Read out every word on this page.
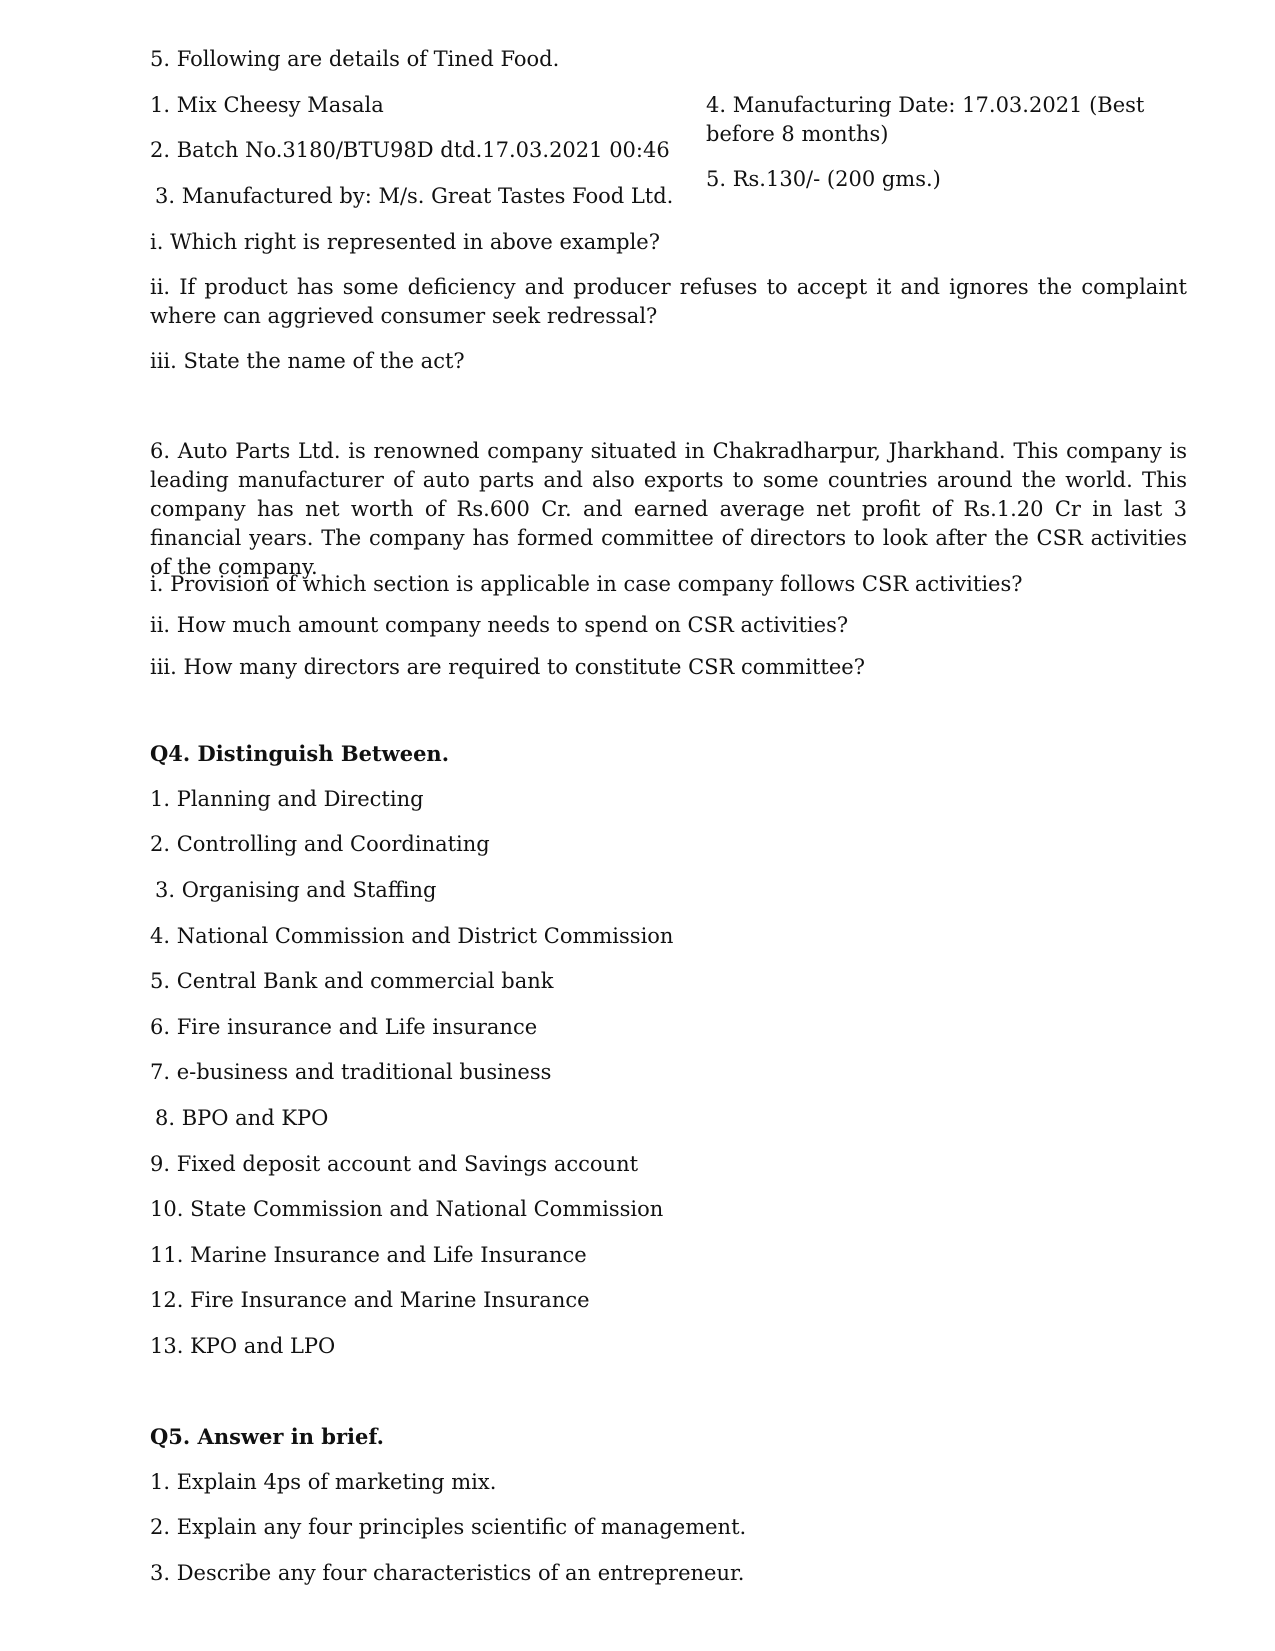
5. Following are details of Tined Food.
1. Mix Cheesy Masala
2. Batch No.3180/BTU98D dtd.17.03.2021 00:46
3. Manufactured by: M/s. Great Tastes Food Ltd.
4. Manufacturing Date: 17.03.2021 (Best before 8 months)
5. Rs.130/- (200 gms.)
i. Which right is represented in above example?
ii. If product has some deficiency and producer refuses to accept it and ignores the complaint where can aggrieved consumer seek redressal?
iii. State the name of the act?
6. Auto Parts Ltd. is renowned company situated in Chakradharpur, Jharkhand. This company is leading manufacturer of auto parts and also exports to some countries around the world. This company has net worth of Rs.600 Cr. and earned average net profit of Rs.1.20 Cr in last 3 financial years. The company has formed committee of directors to look after the CSR activities of the company.
i. Provision of which section is applicable in case company follows CSR activities?
ii. How much amount company needs to spend on CSR activities?
iii. How many directors are required to constitute CSR committee?
Q4. Distinguish Between.
1. Planning and Directing
2. Controlling and Coordinating
3. Organising and Staffing
4. National Commission and District Commission
5. Central Bank and commercial bank
6. Fire insurance and Life insurance
7. e-business and traditional business
8. BPO and KPO
9. Fixed deposit account and Savings account
10. State Commission and National Commission
11. Marine Insurance and Life Insurance
12. Fire Insurance and Marine Insurance
13. KPO and LPO
Q5. Answer in brief.
1. Explain 4ps of marketing mix.
2. Explain any four principles scientific of management.
3. Describe any four characteristics of an entrepreneur.
